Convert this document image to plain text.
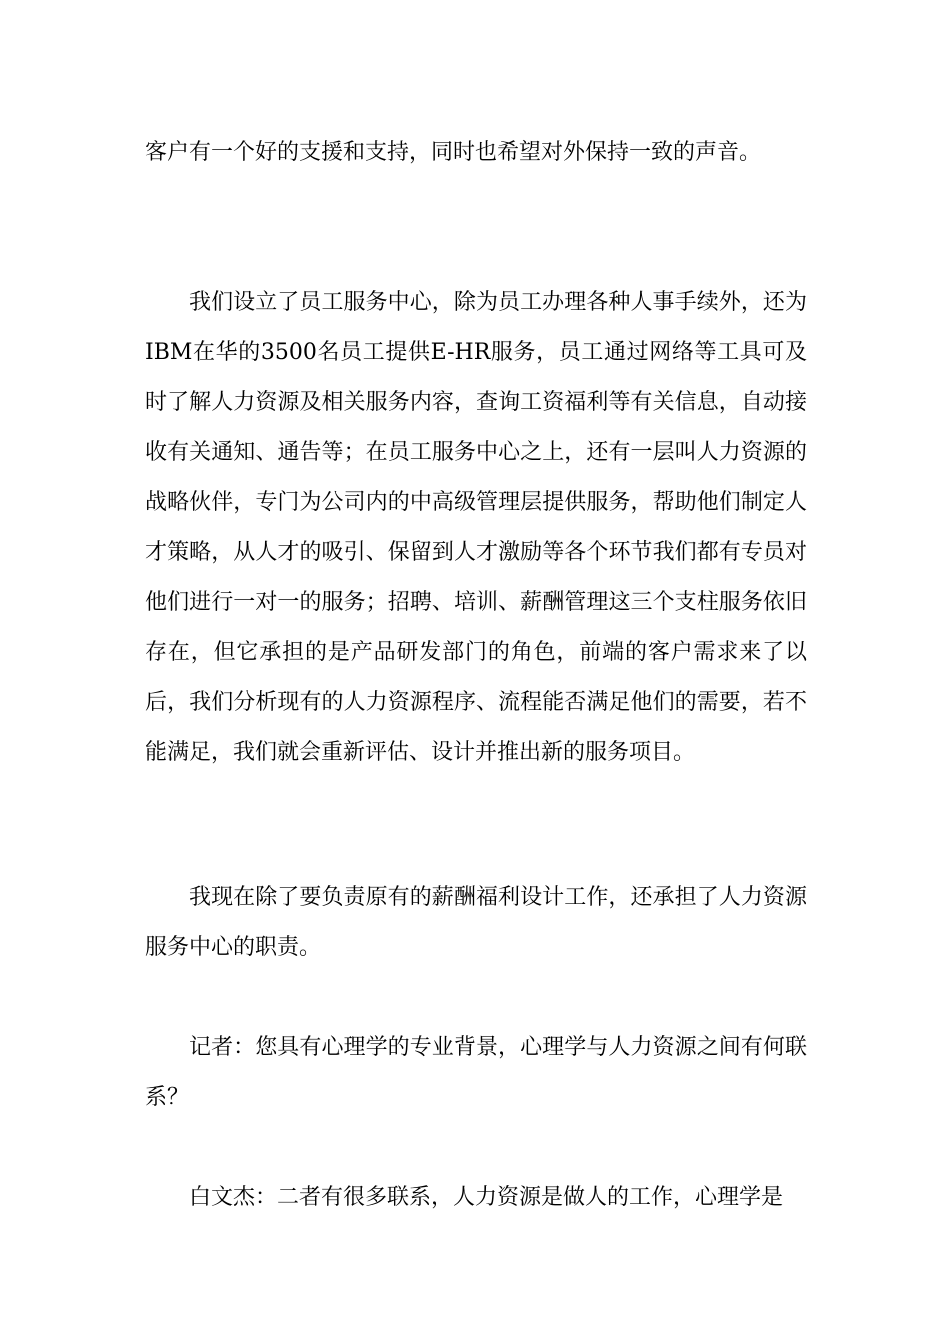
客户有一个好的支援和支持，同时也希望对外保持一致的声音。

我们设立了员工服务中心，除为员工办理各种人事手续外，还为IBM在华的3500名员工提供E-HR服务，员工通过网络等工具可及时了解人力资源及相关服务内容，查询工资福利等有关信息，自动接收有关通知、通告等；在员工服务中心之上，还有一层叫人力资源的战略伙伴，专门为公司内的中高级管理层提供服务，帮助他们制定人才策略，从人才的吸引、保留到人才激励等各个环节我们都有专员对他们进行一对一的服务；招聘、培训、薪酬管理这三个支柱服务依旧存在，但它承担的是产品研发部门的角色，前端的客户需求来了以后，我们分析现有的人力资源程序、流程能否满足他们的需要，若不能满足，我们就会重新评估、设计并推出新的服务项目。

我现在除了要负责原有的薪酬福利设计工作，还承担了人力资源服务中心的职责。

记者：您具有心理学的专业背景，心理学与人力资源之间有何联系？

白文杰：二者有很多联系，人力资源是做人的工作，心理学是
